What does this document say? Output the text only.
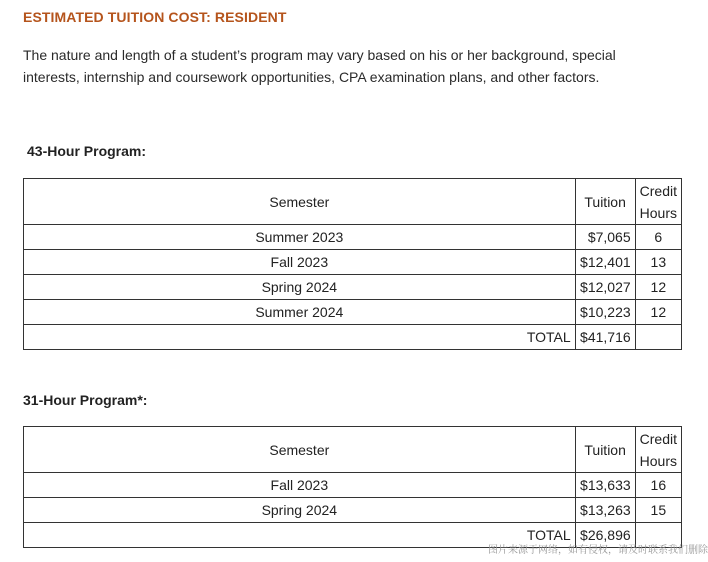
ESTIMATED TUITION COST: RESIDENT
The nature and length of a student’s program may vary based on his or her background, special interests, internship and coursework opportunities, CPA examination plans, and other factors.
43-Hour Program:
Semester	Tuition	Credit
Hours
Summer 2023	$7,065	6
Fall 2023	$12,401	13
Spring 2024	$12,027	12
Summer 2024	$10,223	12
TOTAL	$41,716	
31-Hour Program*:
Semester	Tuition	Credit
Hours
Fall 2023	$13,633	16
Spring 2024	$13,263	15
TOTAL	$26,896	
图片来源于网络，如有侵权，请及时联系我们删除
